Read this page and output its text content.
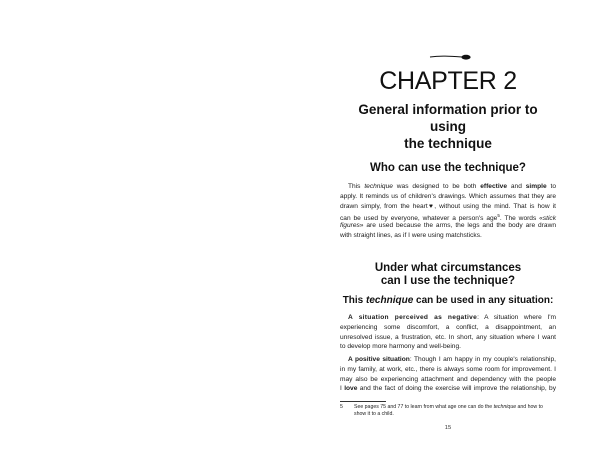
CHAPTER 2
General information prior to using
the technique
Who can use the technique?
This technique was designed to be both effective and simple to
apply. It reminds us of children's drawings. Which assumes that they are
drawn simply, from the heart♥, without using the mind. That is how it
can be used by everyone, whatever a person's age$^5$. The words «stick
figures» are used because the arms, the legs and the body are drawn
with straight lines, as if I were using matchsticks.
Under what circumstances
can I use the technique?
This technique can be used in any situation:
A situation perceived as negative: A situation where I'm
experiencing some discomfort, a conflict, a disappointment, an
unresolved issue, a frustration, etc. In short, any situation where I want
to develop more harmony and well-being.
A positive situation: Though I am happy in my couple's relationship,
in my family, at work, etc., there is always some room for improvement. I
may also be experiencing attachment and dependency with the people
I love and the fact of doing the exercise will improve the relationship, by
5 See pages 75 and 77 to learn from what age one can do the technique and how to
show it to a child.
15
